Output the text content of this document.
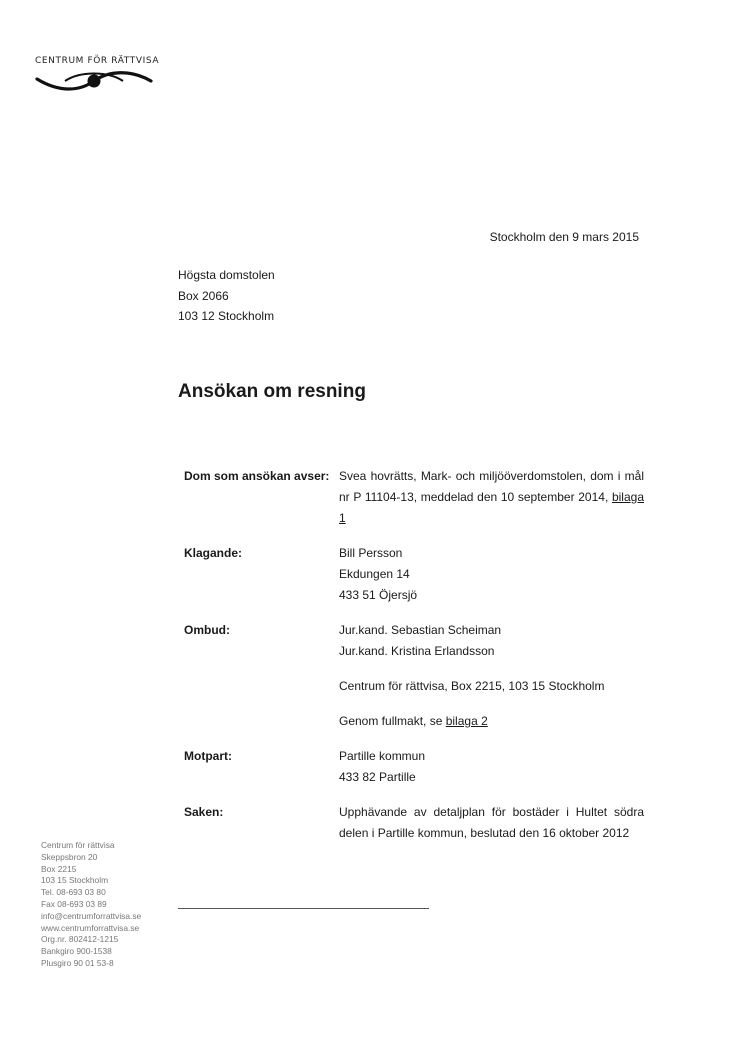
CENTRUM FÖR RÄTTVISA
Stockholm den 9 mars 2015
Högsta domstolen
Box 2066
103 12 Stockholm
Ansökan om resning
Dom som ansökan avser: Svea hovrätts, Mark- och miljööverdomstolen, dom i mål nr P 11104-13, meddelad den 10 september 2014, bilaga 1
Klagande:	Bill Persson
Ekdungen 14
433 51 Öjersjö
Ombud:	Jur.kand. Sebastian Scheiman
Jur.kand. Kristina Erlandsson
Centrum för rättvisa, Box 2215, 103 15 Stockholm
Genom fullmakt, se bilaga 2
Motpart:	Partille kommun
433 82 Partille
Saken:	Upphävande av detaljplan för bostäder i Hultet södra delen i Partille kommun, beslutad den 16 oktober 2012
Centrum för rättvisa
Skeppsbron 20
Box 2215
103 15 Stockholm
Tel. 08-693 03 80
Fax 08-693 03 89
info@centrumforrattvisa.se
www.centrumforrattvisa.se
Org.nr. 802412-1215
Bankgiro 900-1538
Plusgiro 90 01 53-8
